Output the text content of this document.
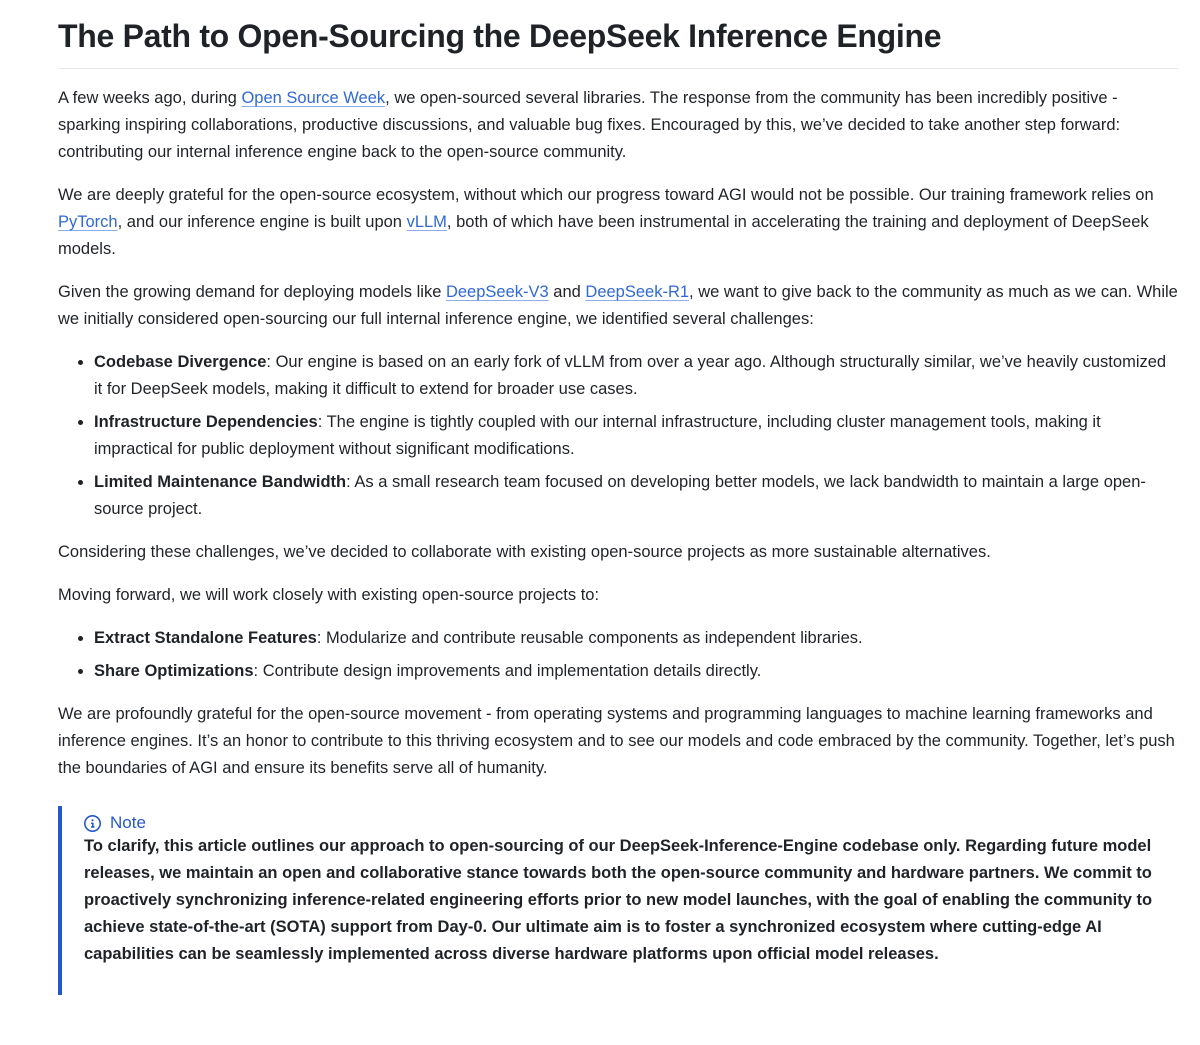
The Path to Open-Sourcing the DeepSeek Inference Engine

A few weeks ago, during Open Source Week, we open-sourced several libraries. The response from the community has been incredibly positive - sparking inspiring collaborations, productive discussions, and valuable bug fixes. Encouraged by this, we’ve decided to take another step forward: contributing our internal inference engine back to the open-source community.

We are deeply grateful for the open-source ecosystem, without which our progress toward AGI would not be possible. Our training framework relies on PyTorch, and our inference engine is built upon vLLM, both of which have been instrumental in accelerating the training and deployment of DeepSeek models.

Given the growing demand for deploying models like DeepSeek-V3 and DeepSeek-R1, we want to give back to the community as much as we can. While we initially considered open-sourcing our full internal inference engine, we identified several challenges:

• Codebase Divergence: Our engine is based on an early fork of vLLM from over a year ago. Although structurally similar, we’ve heavily customized it for DeepSeek models, making it difficult to extend for broader use cases.
• Infrastructure Dependencies: The engine is tightly coupled with our internal infrastructure, including cluster management tools, making it impractical for public deployment without significant modifications.
• Limited Maintenance Bandwidth: As a small research team focused on developing better models, we lack bandwidth to maintain a large open-source project.

Considering these challenges, we’ve decided to collaborate with existing open-source projects as more sustainable alternatives.

Moving forward, we will work closely with existing open-source projects to:

• Extract Standalone Features: Modularize and contribute reusable components as independent libraries.
• Share Optimizations: Contribute design improvements and implementation details directly.

We are profoundly grateful for the open-source movement - from operating systems and programming languages to machine learning frameworks and inference engines. It’s an honor to contribute to this thriving ecosystem and to see our models and code embraced by the community. Together, let’s push the boundaries of AGI and ensure its benefits serve all of humanity.

Note

To clarify, this article outlines our approach to open-sourcing of our DeepSeek-Inference-Engine codebase only. Regarding future model releases, we maintain an open and collaborative stance towards both the open-source community and hardware partners. We commit to proactively synchronizing inference-related engineering efforts prior to new model launches, with the goal of enabling the community to achieve state-of-the-art (SOTA) support from Day-0. Our ultimate aim is to foster a synchronized ecosystem where cutting-edge AI capabilities can be seamlessly implemented across diverse hardware platforms upon official model releases.
